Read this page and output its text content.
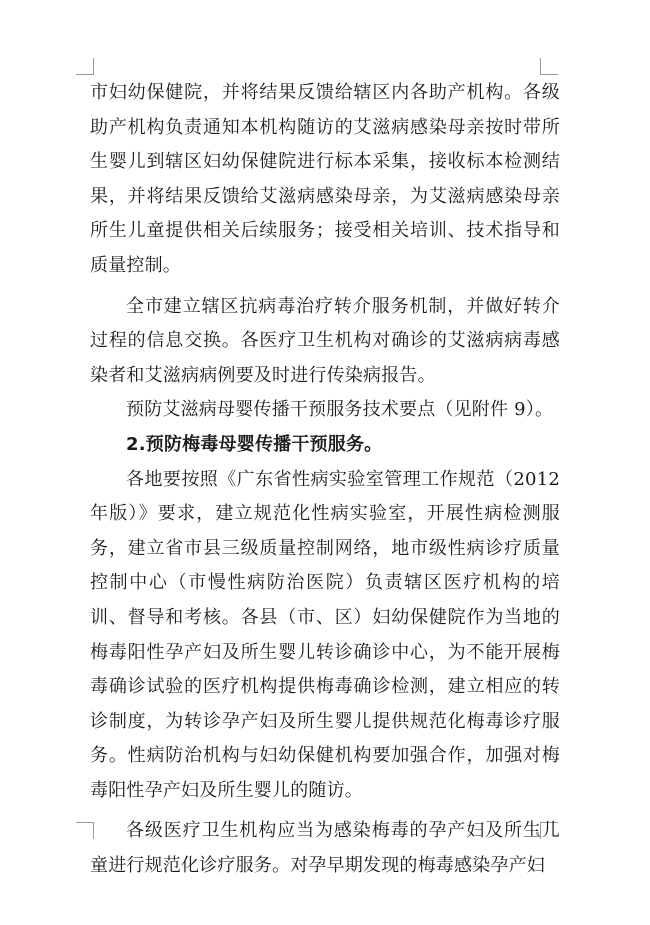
市妇幼保健院，并将结果反馈给辖区内各助产机构。各级助产机构负责通知本机构随访的艾滋病感染母亲按时带所生婴儿到辖区妇幼保健院进行标本采集，接收标本检测结果，并将结果反馈给艾滋病感染母亲，为艾滋病感染母亲所生儿童提供相关后续服务；接受相关培训、技术指导和质量控制。

全市建立辖区抗病毒治疗转介服务机制，并做好转介过程的信息交换。各医疗卫生机构对确诊的艾滋病病毒感染者和艾滋病病例要及时进行传染病报告。

预防艾滋病母婴传播干预服务技术要点（见附件 9）。

2.预防梅毒母婴传播干预服务。

各地要按照《广东省性病实验室管理工作规范（2012 年版）》要求，建立规范化性病实验室，开展性病检测服务，建立省市县三级质量控制网络，地市级性病诊疗质量控制中心（市慢性病防治医院）负责辖区医疗机构的培训、督导和考核。各县（市、区）妇幼保健院作为当地的梅毒阳性孕产妇及所生婴儿转诊确诊中心，为不能开展梅毒确诊试验的医疗机构提供梅毒确诊检测，建立相应的转诊制度，为转诊孕产妇及所生婴儿提供规范化梅毒诊疗服务。性病防治机构与妇幼保健机构要加强合作，加强对梅毒阳性孕产妇及所生婴儿的随访。

各级医疗卫生机构应当为感染梅毒的孕产妇及所生儿童进行规范化诊疗服务。对孕早期发现的梅毒感染孕产妇
